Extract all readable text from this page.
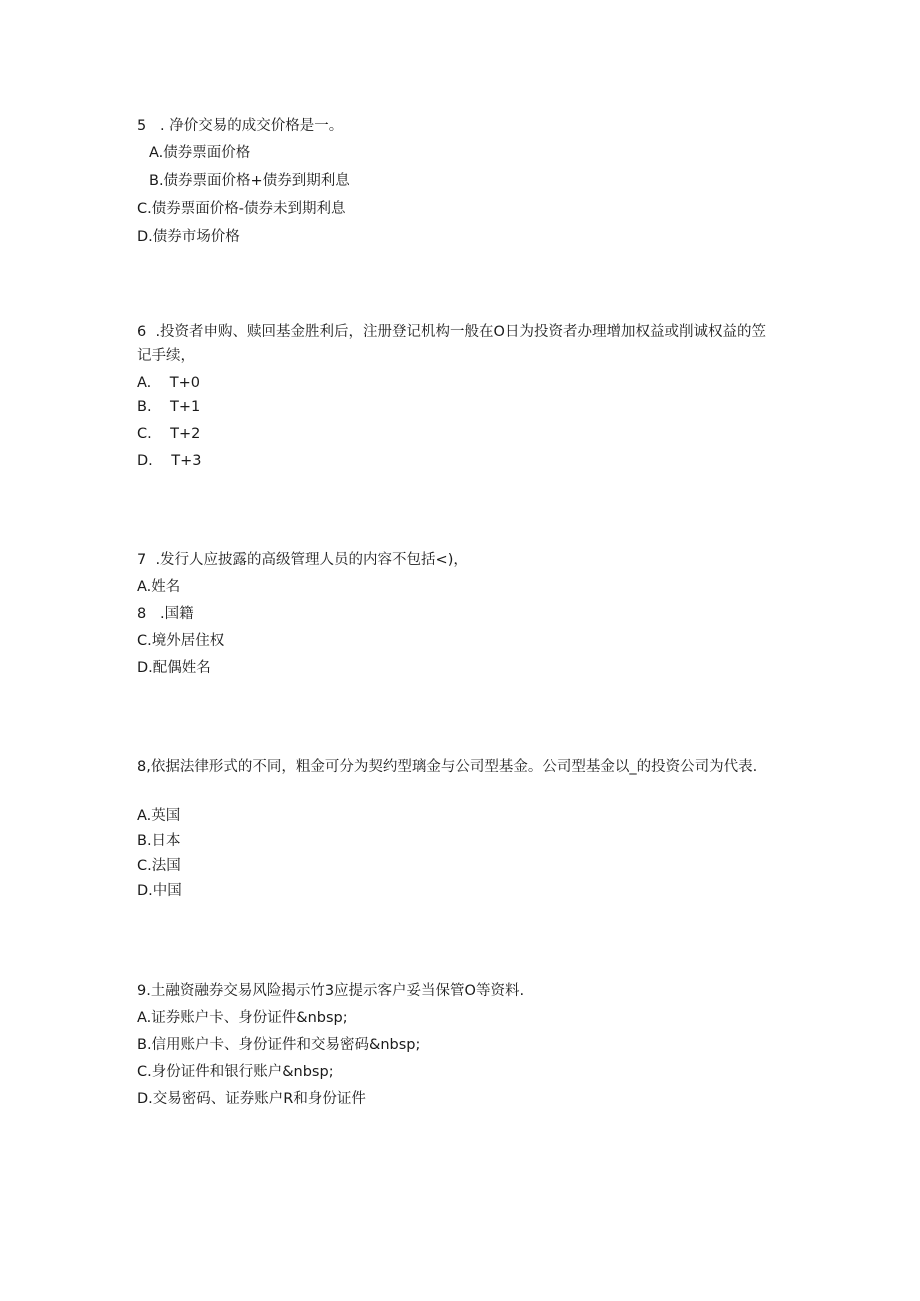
5   . 净价交易的成交价格是一。
A.债券票面价格
B.债券票面价格+债券到期利息
C.债券票面价格-债券未到期利息
D.债券市场价格
6  .投资者申购、赎回基金胜利后，注册登记机构一般在O日为投资者办理增加权益或削诚权益的笠记手续，
A.    T+0
B.    T+1
C.    T+2
D.    T+3
7  .发行人应披露的高级管理人员的内容不包括<)，
A.姓名
8   .国籍
C.境外居住权
D.配偶姓名
8,依据法律形式的不同，粗金可分为契约型璃金与公司型基金。公司型基金以_的投资公司为代表.
A.英国
B.日本
C.法国
D.中国
9.土融资融券交易风险揭示竹3应提示客户妥当保管O等资料.
A.证券账户卡、身份证件&nbsp;
B.信用账户卡、身份证件和交易密码&nbsp;
C.身份证件和银行账户&nbsp;
D.交易密码、证券账户R和身份证件
